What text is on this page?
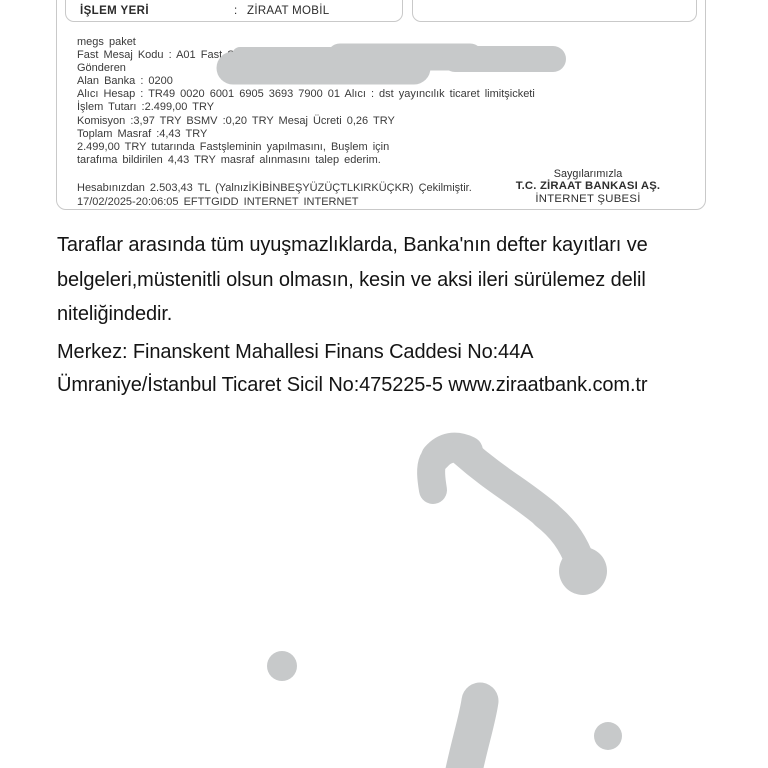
İŞLEM YERİ	: ZİRAAT MOBİL
megs paket
Fast Mesaj Kodu : A01 Fast Sorgu No : 3798917354
Gönderen
Alan Banka : 0200
Alıcı Hesap : TR49 0020 6001 6905 3693 7900 01 Alıcı : dst yayıncılık ticaret limitşicketi
İşlem Tutarı :2.499,00 TRY
Komisyon :3,97 TRY BSMV :0,20 TRY Mesaj Ücreti 0,26 TRY
Toplam Masraf :4,43 TRY
2.499,00 TRY tutarında Fastşleminin yapılmasını, Buşlem için
tarafıma bildirilen 4,43 TRY masraf alınmasını talep ederim.
Hesabınızdan 2.503,43 TL (YalnızİKİBİNBEŞYÜZÜÇTLKIRKÜÇKR) Çekilmiştir.
17/02/2025-20:06:05 EFTTGIDD INTERNET INTERNET
Saygılarımızla
T.C. ZİRAAT BANKASI AŞ.
İNTERNET ŞUBESİ
Taraflar arasında tüm uyuşmazlıklarda, Banka'nın defter kayıtları ve
belgeleri,müstenitli olsun olmasın, kesin ve aksi ileri sürülemez delil
niteliğindedir.
Merkez: Finanskent Mahallesi Finans Caddesi No:44A
Ümraniye/İstanbul Ticaret Sicil No:475225-5 www.ziraatbank.com.tr
